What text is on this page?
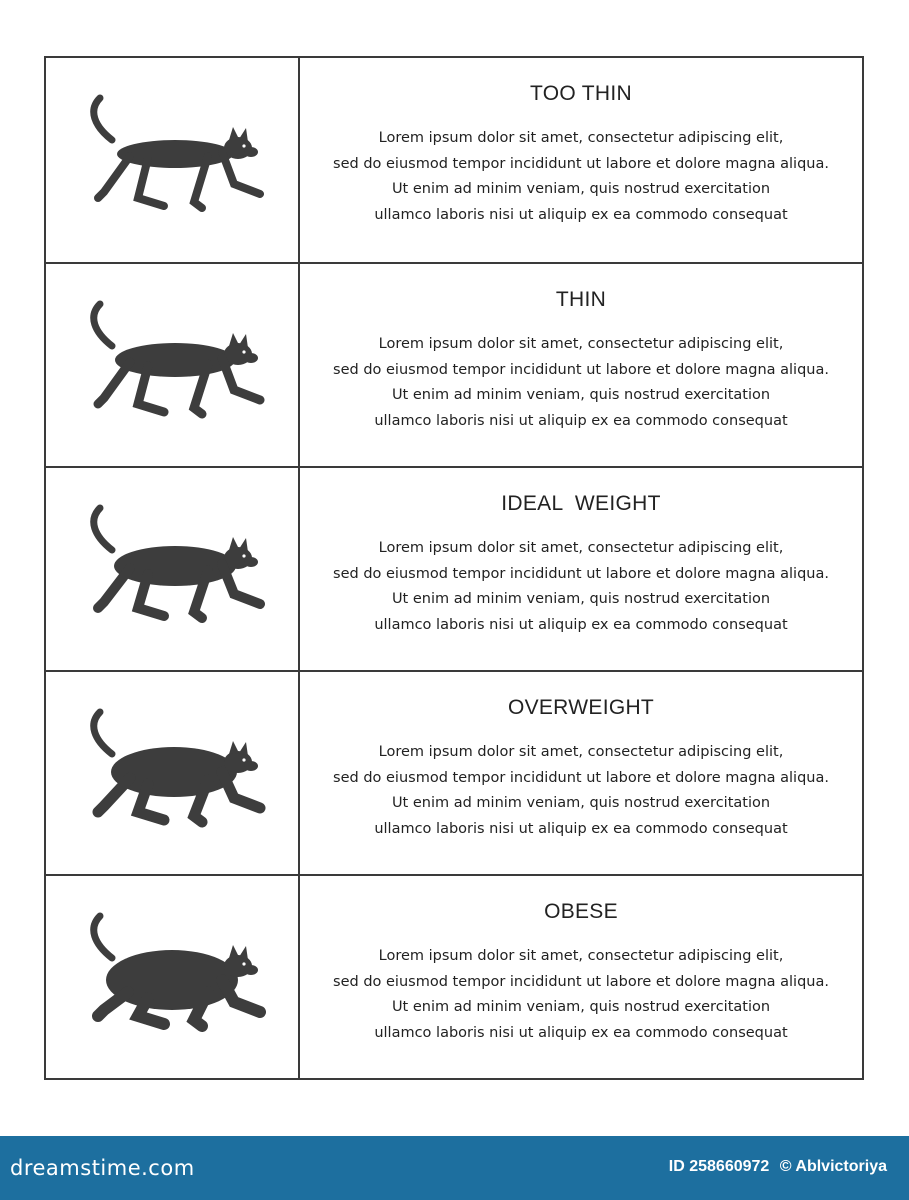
TOO THIN
Lorem ipsum dolor sit amet, consectetur adipiscing elit,
sed do eiusmod tempor incididunt ut labore et dolore magna aliqua.
Ut enim ad minim veniam, quis nostrud exercitation
ullamco laboris nisi ut aliquip ex ea commodo consequat
THIN
Lorem ipsum dolor sit amet, consectetur adipiscing elit,
sed do eiusmod tempor incididunt ut labore et dolore magna aliqua.
Ut enim ad minim veniam, quis nostrud exercitation
ullamco laboris nisi ut aliquip ex ea commodo consequat
IDEAL  WEIGHT
Lorem ipsum dolor sit amet, consectetur adipiscing elit,
sed do eiusmod tempor incididunt ut labore et dolore magna aliqua.
Ut enim ad minim veniam, quis nostrud exercitation
ullamco laboris nisi ut aliquip ex ea commodo consequat
OVERWEIGHT
Lorem ipsum dolor sit amet, consectetur adipiscing elit,
sed do eiusmod tempor incididunt ut labore et dolore magna aliqua.
Ut enim ad minim veniam, quis nostrud exercitation
ullamco laboris nisi ut aliquip ex ea commodo consequat
OBESE
Lorem ipsum dolor sit amet, consectetur adipiscing elit,
sed do eiusmod tempor incididunt ut labore et dolore magna aliqua.
Ut enim ad minim veniam, quis nostrud exercitation
ullamco laboris nisi ut aliquip ex ea commodo consequat
dreamstime.com	ID 258660972 © Ablvictoriya
